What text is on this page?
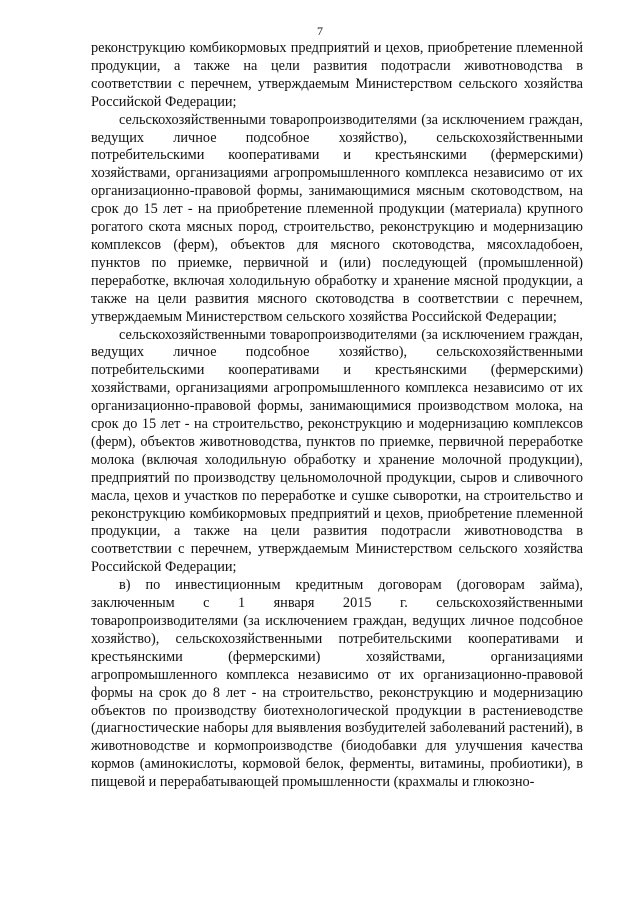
7

реконструкцию комбикормовых предприятий и цехов, приобретение племенной продукции, а также на цели развития подотрасли животноводства в соответствии с перечнем, утверждаемым Министерством сельского хозяйства Российской Федерации;

сельскохозяйственными товаропроизводителями (за исключением граждан, ведущих личное подсобное хозяйство), сельскохозяйственными потребительскими кооперативами и крестьянскими (фермерскими) хозяйствами, организациями агропромышленного комплекса независимо от их организационно-правовой формы, занимающимися мясным скотоводством, на срок до 15 лет - на приобретение племенной продукции (материала) крупного рогатого скота мясных пород, строительство, реконструкцию и модернизацию комплексов (ферм), объектов для мясного скотоводства, мясохладобоен, пунктов по приемке, первичной и (или) последующей (промышленной) переработке, включая холодильную обработку и хранение мясной продукции, а также на цели развития мясного скотоводства в соответствии с перечнем, утверждаемым Министерством сельского хозяйства Российской Федерации;

сельскохозяйственными товаропроизводителями (за исключением граждан, ведущих личное подсобное хозяйство), сельскохозяйственными потребительскими кооперативами и крестьянскими (фермерскими) хозяйствами, организациями агропромышленного комплекса независимо от их организационно-правовой формы, занимающимися производством молока, на срок до 15 лет - на строительство, реконструкцию и модернизацию комплексов (ферм), объектов животноводства, пунктов по приемке, первичной переработке молока (включая холодильную обработку и хранение молочной продукции), предприятий по производству цельномолочной продукции, сыров и сливочного масла, цехов и участков по переработке и сушке сыворотки, на строительство и реконструкцию комбикормовых предприятий и цехов, приобретение племенной продукции, а также на цели развития подотрасли животноводства в соответствии с перечнем, утверждаемым Министерством сельского хозяйства Российской Федерации;

в) по инвестиционным кредитным договорам (договорам займа), заключенным с 1 января 2015 г. сельскохозяйственными товаропроизводителями (за исключением граждан, ведущих личное подсобное хозяйство), сельскохозяйственными потребительскими кооперативами и крестьянскими (фермерскими) хозяйствами, организациями агропромышленного комплекса независимо от их организационно-правовой формы на срок до 8 лет - на строительство, реконструкцию и модернизацию объектов по производству биотехнологической продукции в растениеводстве (диагностические наборы для выявления возбудителей заболеваний растений), в животноводстве и кормопроизводстве (биодобавки для улучшения качества кормов (аминокислоты, кормовой белок, ферменты, витамины, пробиотики), в пищевой и перерабатывающей промышленности (крахмалы и глюкозно-
